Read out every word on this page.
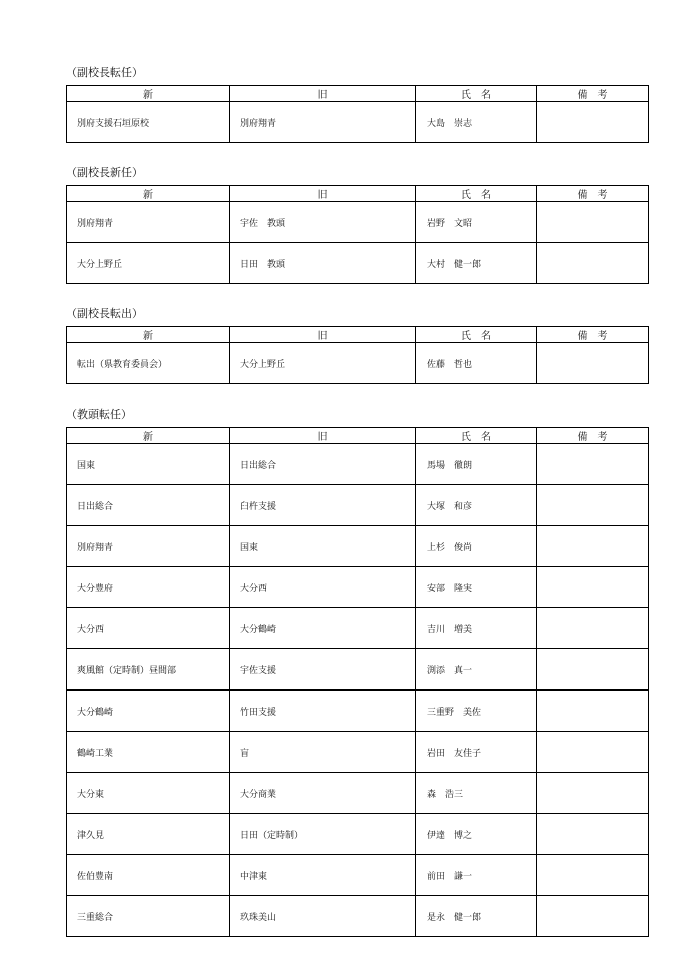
（副校長転任）
新	旧	氏　名	備　考
別府支援石垣原校	別府翔青	大島　崇志	
（副校長新任）
新	旧	氏　名	備　考
別府翔青	宇佐　教頭	岩野　文昭	
大分上野丘	日田　教頭	大村　健一郎	
（副校長転出）
新	旧	氏　名	備　考
転出（県教育委員会）	大分上野丘	佐藤　哲也	
（教頭転任）
新	旧	氏　名	備　考
国東	日出総合	馬場　徹朗	
日出総合	臼杵支援	大塚　和彦	
別府翔青	国東	上杉　俊尚	
大分豊府	大分西	安部　隆実	
大分西	大分鶴崎	吉川　増美	
爽風館（定時制）昼間部	宇佐支援	渕添　真一	
大分鶴崎	竹田支援	三重野　美佐	
鶴崎工業	盲	岩田　友佳子	
大分東	大分商業	森　浩三	
津久見	日田（定時制）	伊達　博之	
佐伯豊南	中津東	前田　謙一	
三重総合	玖珠美山	是永　健一郎	
